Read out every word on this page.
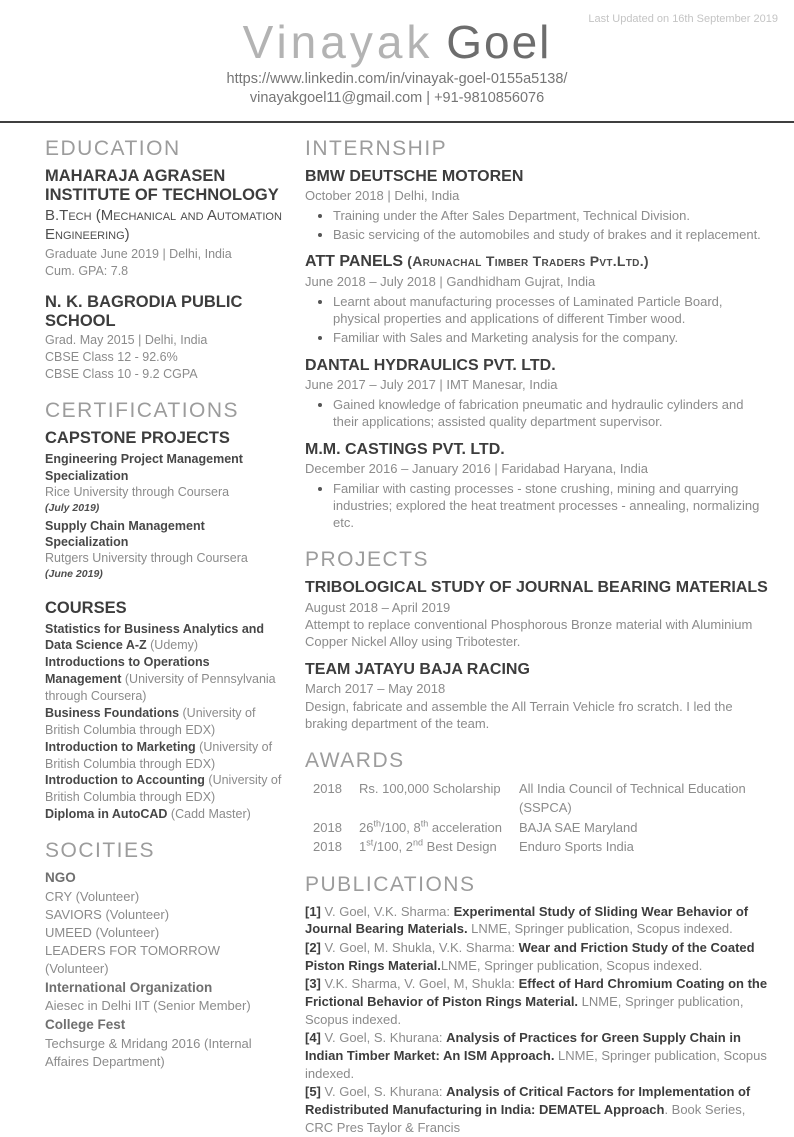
Last Updated on 16th September 2019
Vinayak Goel
https://www.linkedin.com/in/vinayak-goel-0155a5138/
vinayakgoel11@gmail.com | +91-9810856076
EDUCATION
MAHARAJA AGRASEN INSTITUTE OF TECHNOLOGY
B.Tech (Mechanical and Automation Engineering)
Graduate June 2019 | Delhi, India
Cum. GPA: 7.8
N. K. BAGRODIA PUBLIC SCHOOL
Grad. May 2015 | Delhi, India
CBSE Class 12 - 92.6%
CBSE Class 10 - 9.2 CGPA
CERTIFICATIONS
CAPSTONE PROJECTS
Engineering Project Management Specialization
Rice University through Coursera
(July 2019)
Supply Chain Management Specialization
Rutgers University through Coursera
(June 2019)
COURSES
Statistics for Business Analytics and Data Science A-Z (Udemy)
Introductions to Operations Management (University of Pennsylvania through Coursera)
Business Foundations (University of British Columbia through EDX)
Introduction to Marketing (University of British Columbia through EDX)
Introduction to Accounting (University of British Columbia through EDX)
Diploma in AutoCAD (Cadd Master)
SOCITIES
NGO
CRY (Volunteer)
SAVIORS (Volunteer)
UMEED (Volunteer)
LEADERS FOR TOMORROW (Volunteer)
International Organization
Aiesec in Delhi IIT (Senior Member)
College Fest
Techsurge & Mridang 2016 (Internal Affaires Department)
INTERNSHIP
BMW DEUTSCHE MOTOREN
October 2018 | Delhi, India
• Training under the After Sales Department, Technical Division.
• Basic servicing of the automobiles and study of brakes and it replacement.
ATT PANELS (Arunachal Timber Traders Pvt.Ltd.)
June 2018 – July 2018 | Gandhidham Gujrat, India
• Learnt about manufacturing processes of Laminated Particle Board, physical properties and applications of different Timber wood.
• Familiar with Sales and Marketing analysis for the company.
DANTAL HYDRAULICS PVT. LTD.
June 2017 – July 2017 | IMT Manesar, India
• Gained knowledge of fabrication pneumatic and hydraulic cylinders and their applications; assisted quality department supervisor.
M.M. CASTINGS PVT. LTD.
December 2016 – January 2016 | Faridabad Haryana, India
• Familiar with casting processes - stone crushing, mining and quarrying industries; explored the heat treatment processes - annealing, normalizing etc.
PROJECTS
TRIBOLOGICAL STUDY OF JOURNAL BEARING MATERIALS
August 2018 – April 2019
Attempt to replace conventional Phosphorous Bronze material with Aluminium Copper Nickel Alloy using Tribotester.
TEAM JATAYU BAJA RACING
March 2017 – May 2018
Design, fabricate and assemble the All Terrain Vehicle fro scratch. I led the braking department of the team.
AWARDS
2018	Rs. 100,000 Scholarship	All India Council of Technical Education (SSPCA)
2018	26th/100, 8th acceleration	BAJA SAE Maryland
2018	1st/100, 2nd Best Design	Enduro Sports India
PUBLICATIONS

[1] V. Goel, V.K. Sharma: Experimental Study of Sliding Wear Behavior of Journal Bearing Materials. LNME, Springer publication, Scopus indexed.

[2] V. Goel, M. Shukla, V.K. Sharma: Wear and Friction Study of the Coated Piston Rings Material.LNME, Springer publication, Scopus indexed.

[3] V.K. Sharma, V. Goel, M, Shukla: Effect of Hard Chromium Coating on the Frictional Behavior of Piston Rings Material. LNME, Springer publication, Scopus indexed.

[4] V. Goel, S. Khurana: Analysis of Practices for Green Supply Chain in Indian Timber Market: An ISM Approach. LNME, Springer publication, Scopus indexed.

[5] V. Goel, S. Khurana: Analysis of Critical Factors for Implementation of Redistributed Manufacturing in India: DEMATEL Approach. Book Series, CRC Pres Taylor & Francis
